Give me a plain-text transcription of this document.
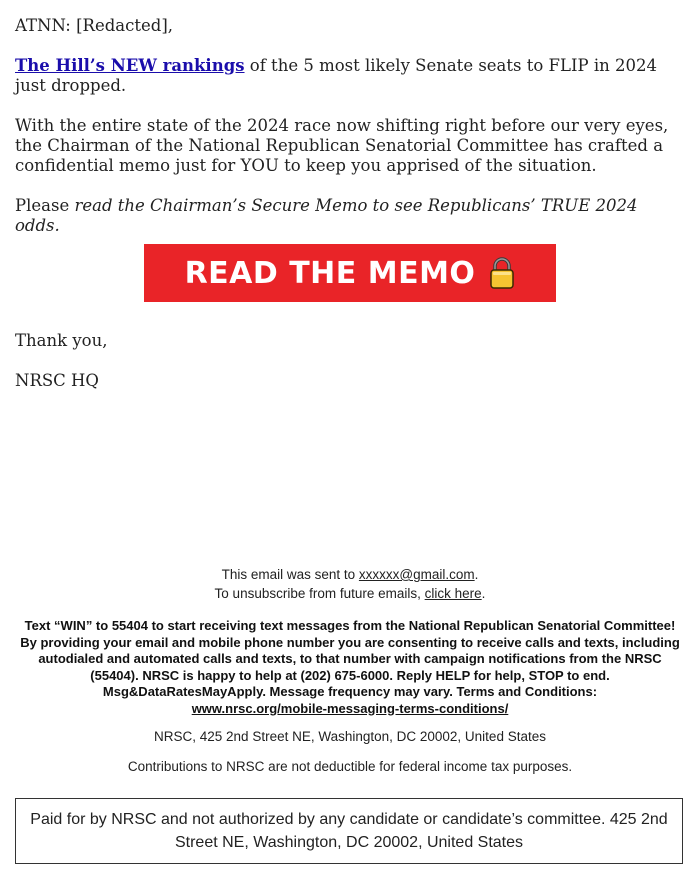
ATNN: [Redacted],

The Hill’s NEW rankings of the 5 most likely Senate seats to FLIP in 2024 just dropped.

With the entire state of the 2024 race now shifting right before our very eyes, the Chairman of the National Republican Senatorial Committee has crafted a confidential memo just for YOU to keep you apprised of the situation.

Please read the Chairman’s Secure Memo to see Republicans’ TRUE 2024 odds.

READ THE MEMO

Thank you,

NRSC HQ

This email was sent to xxxxxx@gmail.com.

To unsubscribe from future emails, click here.

Text “WIN” to 55404 to start receiving text messages from the National Republican Senatorial Committee! By providing your email and mobile phone number you are consenting to receive calls and texts, including autodialed and automated calls and texts, to that number with campaign notifications from the NRSC (55404). NRSC is happy to help at (202) 675-6000. Reply HELP for help, STOP to end. Msg&DataRatesMayApply. Message frequency may vary. Terms and Conditions:
www.nrsc.org/mobile-messaging-terms-conditions/

NRSC, 425 2nd Street NE, Washington, DC 20002, United States

Contributions to NRSC are not deductible for federal income tax purposes.

Paid for by NRSC and not authorized by any candidate or candidate’s committee. 425 2nd Street NE, Washington, DC 20002, United States
